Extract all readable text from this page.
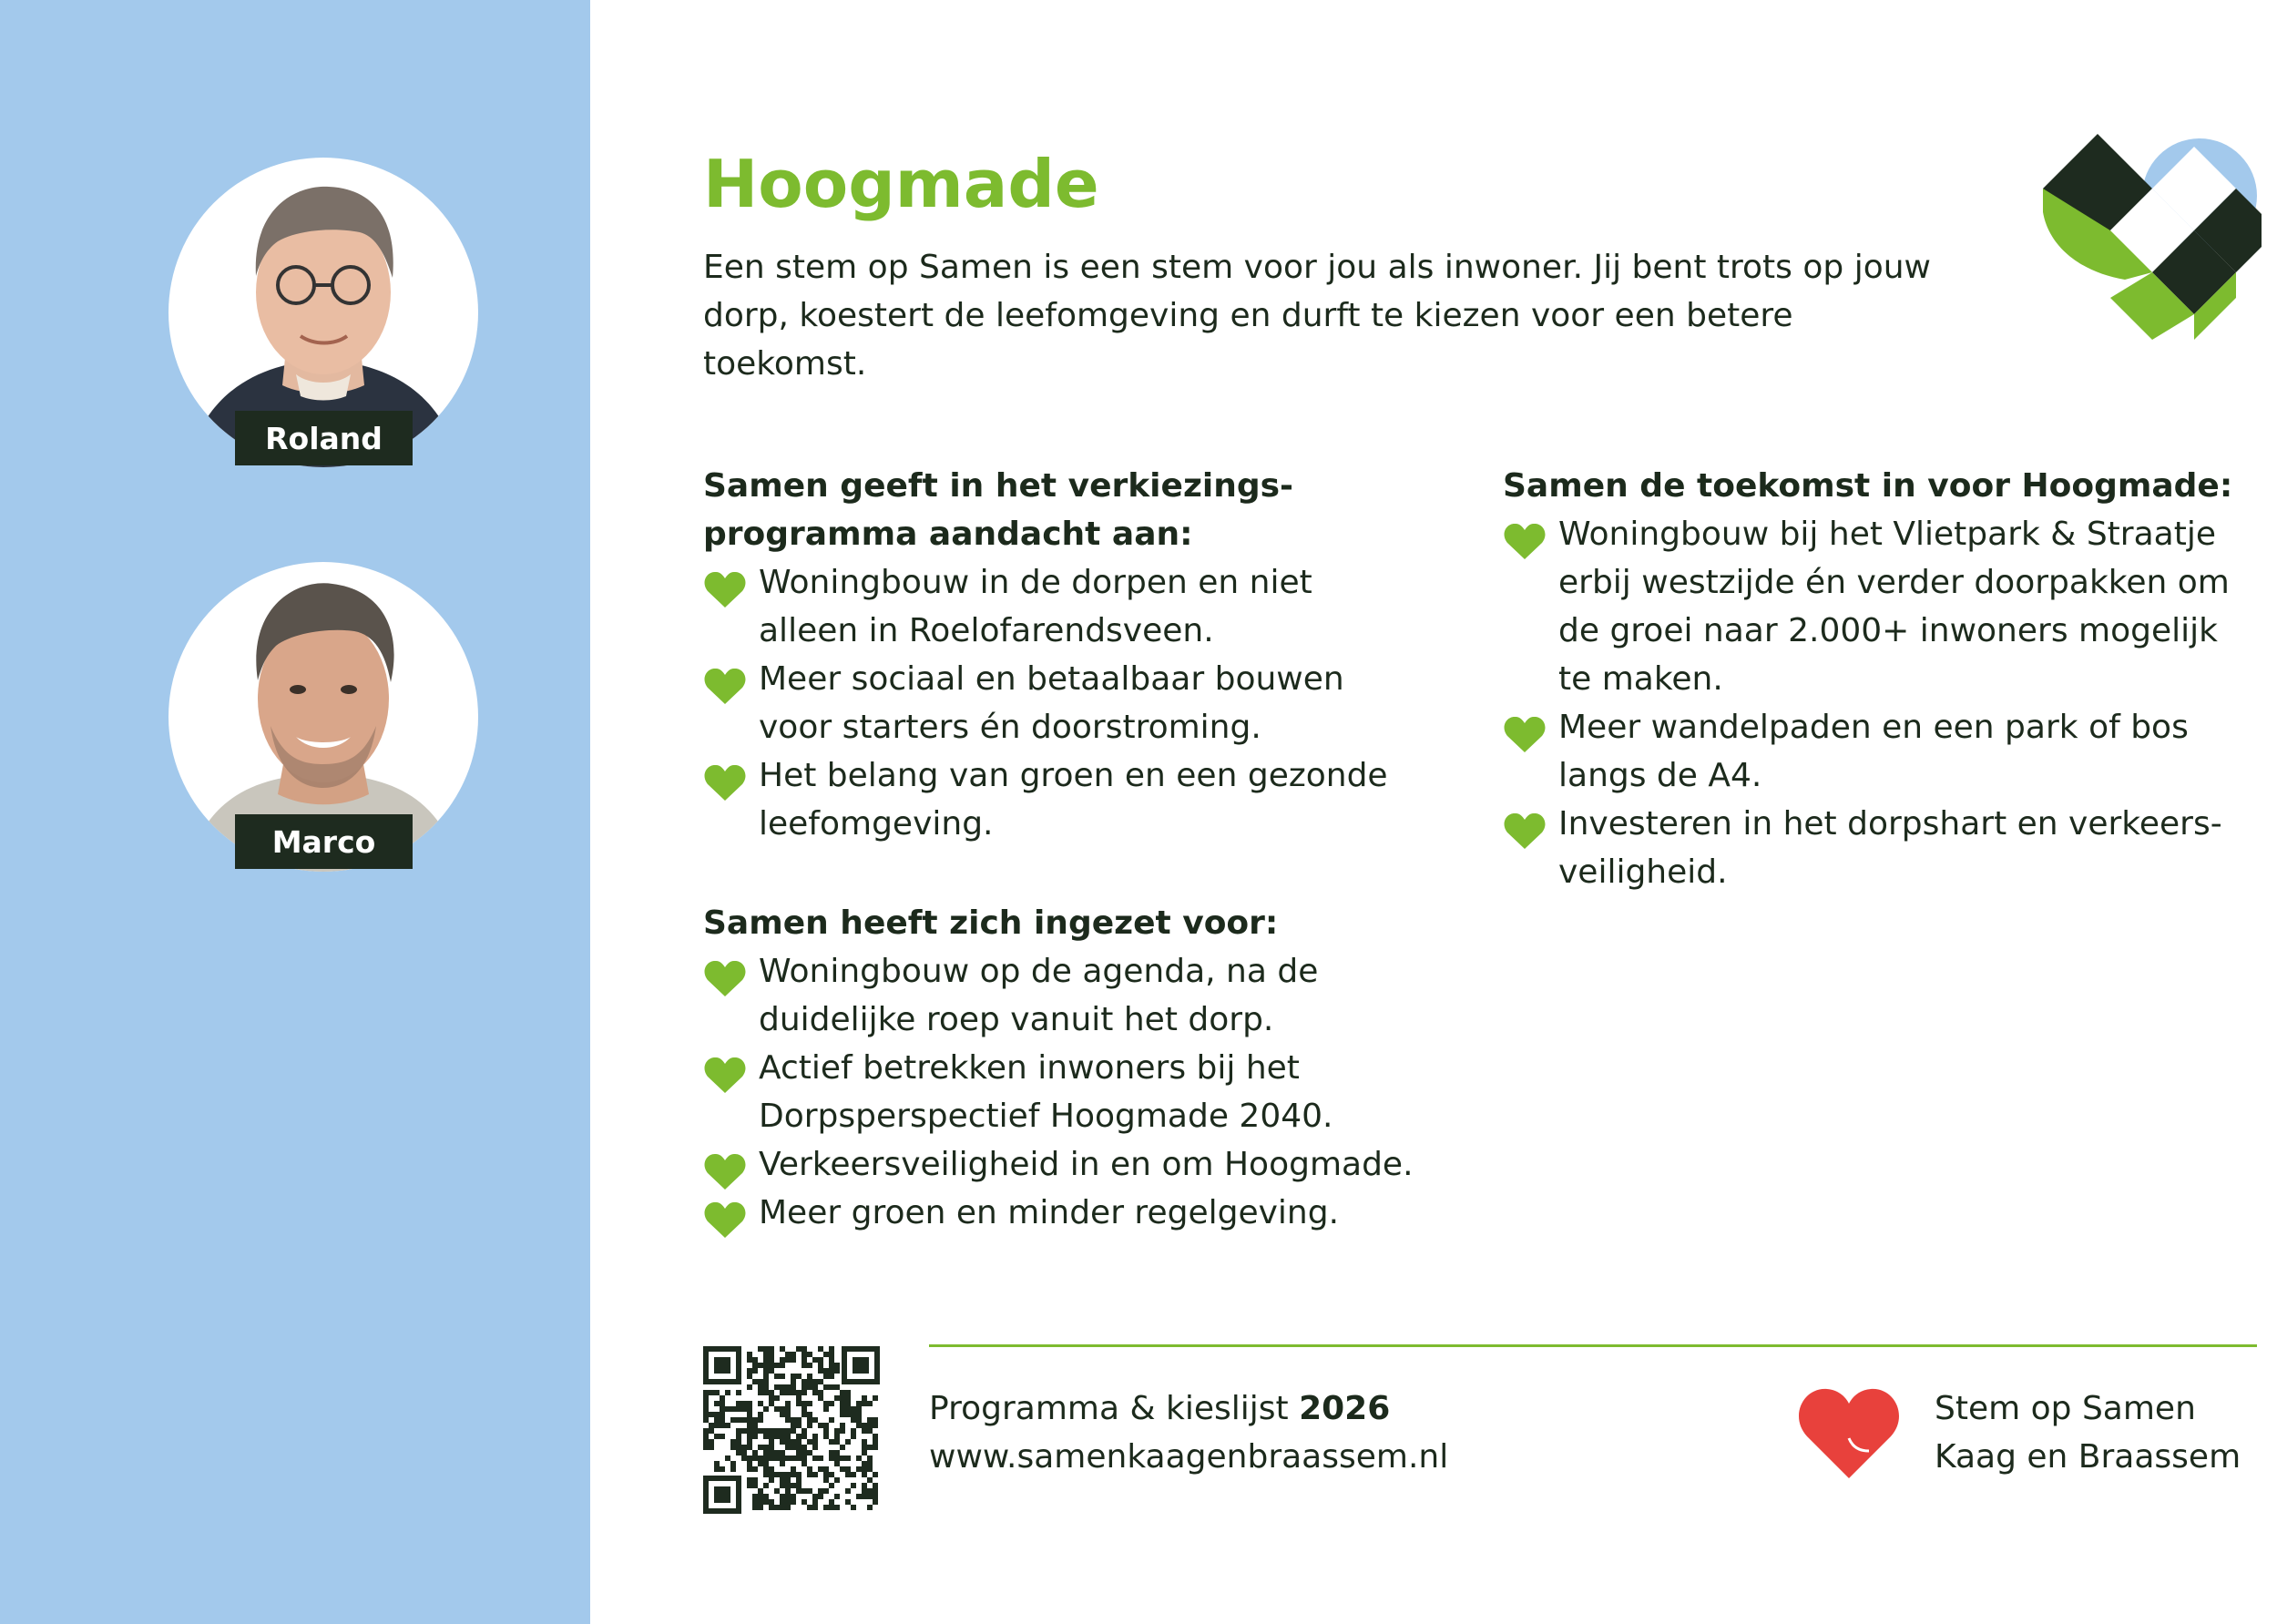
Roland
Marco
Hoogmade
Een stem op Samen is een stem voor jou als inwoner. Jij bent trots op jouw dorp, koestert de leefomgeving en durft te kiezen voor een betere toekomst.
Samen geeft in het verkiezings-
programma aandacht aan:
Woningbouw in de dorpen en niet
alleen in Roelofarendsveen.
Meer sociaal en betaalbaar bouwen
voor starters én doorstroming.
Het belang van groen en een gezonde
leefomgeving.
Samen heeft zich ingezet voor:
Woningbouw op de agenda, na de
duidelijke roep vanuit het dorp.
Actief betrekken inwoners bij het
Dorpsperspectief Hoogmade 2040.
Verkeersveiligheid in en om Hoogmade.
Meer groen en minder regelgeving.
Samen de toekomst in voor Hoogmade:
Woningbouw bij het Vlietpark & Straatje
erbij westzijde én verder doorpakken om
de groei naar 2.000+ inwoners mogelijk
te maken.
Meer wandelpaden en een park of bos
langs de A4.
Investeren in het dorpshart en verkeers-
veiligheid.
Programma & kieslijst 2026
www.samenkaagenbraassem.nl
Stem op Samen
Kaag en Braassem
